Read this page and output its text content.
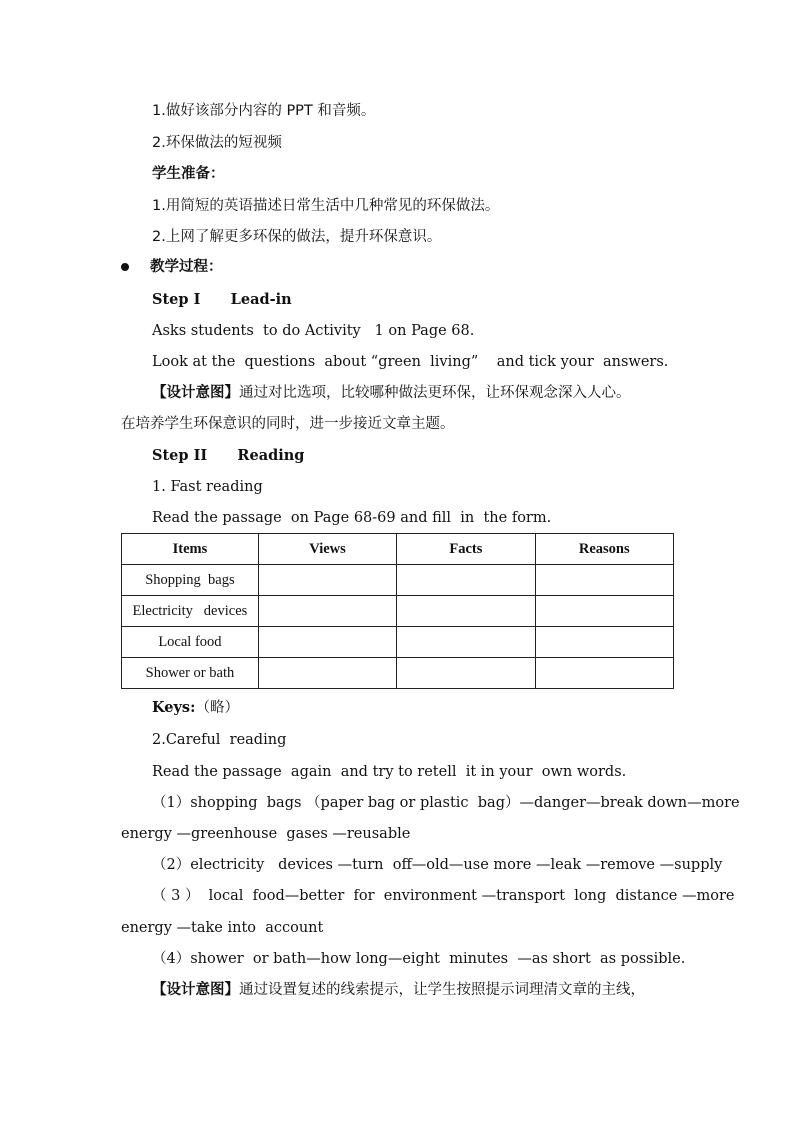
1.做好该部分内容的 PPT 和音频。
2.环保做法的短视频
学生准备：
1.用简短的英语描述日常生活中几种常见的环保做法。
2.上网了解更多环保的做法，提升环保意识。
教学过程：
Step I      Lead-in
Asks students  to do Activity   1 on Page 68.
Look at the  questions  about “green  living”    and tick your  answers.
【设计意图】通过对比选项，比较哪种做法更环保，让环保观念深入人心。
在培养学生环保意识的同时，进一步接近文章主题。
Step II      Reading
1. Fast reading
Read the passage  on Page 68-69 and fill  in  the form.
Items	Views	Facts	Reasons
Shopping  bags			
Electricity   devices			
Local food			
Shower or bath			
Keys:（略）
2.Careful  reading
Read the passage  again  and try to retell  it in your  own words.
（1）shopping  bags （paper bag or plastic  bag）—danger—break down—more
energy —greenhouse  gases —reusable
（2）electricity   devices —turn  off—old—use more —leak —remove —supply
（ 3 ）  local  food—better  for  environment —transport  long  distance —more
energy —take into  account
（4）shower  or bath—how long—eight  minutes  —as short  as possible.
【设计意图】通过设置复述的线索提示，让学生按照提示词理清文章的主线，
